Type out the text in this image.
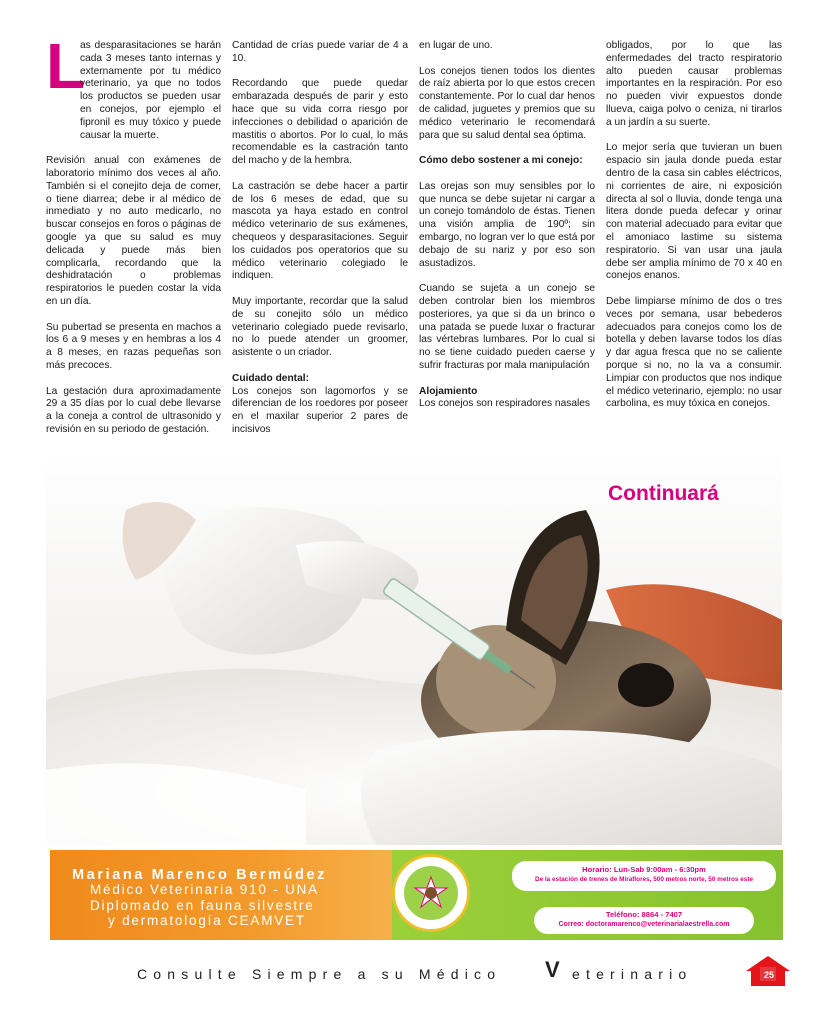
L

as desparasitaciones se harán cada 3 meses tanto internas y externamente por tu médico veterinario, ya que no todos los productos se pueden usar en conejos, por ejemplo el fipronil es muy tóxico y puede causar la muerte.

Revisión anual con exámenes de laboratorio mínimo dos veces al año. También si el conejito deja de comer, o tiene diarrea; debe ir al médico de inmediato y no auto medicarlo, no buscar consejos en foros o páginas de google ya que su salud es muy delicada y puede más bien complicarla, recordando que la deshidratación o problemas respiratorios le pueden costar la vida en un día.

Su pubertad se presenta en machos a los 6 a 9 meses y en hembras a los 4 a 8 meses, en razas pequeñas son más precoces.

La gestación dura aproximadamente 29 a 35 días por lo cual debe llevarse a la coneja a control de ultrasonido y revisión en su periodo de gestación.

Cantidad de crías puede variar de 4 a 10.

Recordando que puede quedar embarazada después de parir y esto hace que su vida corra riesgo por infecciones o debilidad o aparición de mastitis o abortos. Por lo cual, lo más recomendable es la castración tanto del macho y de la hembra.

La castración se debe hacer a partir de los 6 meses de edad, que su mascota ya haya estado en control médico veterinario de sus exámenes, chequeos y desparasitaciones. Seguir los cuidados pos operatorios que su médico veterinario colegiado le indiquen.

Muy importante, recordar que la salud de su conejito sólo un médico veterinario colegiado puede revisarlo, no lo puede atender un groomer, asistente o un criador.

Cuidado dental:

Los conejos son lagomorfos y se diferencian de los roedores por poseer en el maxilar superior 2 pares de incisivos

en lugar de uno.

Los conejos tienen todos los dientes de raíz abierta por lo que estos crecen constantemente. Por lo cual dar henos de calidad, juguetes y premios que su médico veterinario le recomendará para que su salud dental sea óptima.

Cómo debo sostener a mi conejo:

Las orejas son muy sensibles por lo que nunca se debe sujetar ni cargar a un conejo tomándolo de éstas. Tienen una visión amplia de 190º; sin embargo, no logran ver lo que está por debajo de su nariz y por eso son asustadizos.

Cuando se sujeta a un conejo se deben controlar bien los miembros posteriores, ya que si da un brinco o una patada se puede luxar o fracturar las vértebras lumbares. Por lo cual si no se tiene cuidado pueden caerse y sufrir fracturas por mala manipulación

Alojamiento

Los conejos son respiradores nasales

obligados, por lo que las enfermedades del tracto respiratorio alto pueden causar problemas importantes en la respiración. Por eso no pueden vivir expuestos donde llueva, caiga polvo o ceniza, ni tirarlos a un jardín a su suerte.

Lo mejor sería que tuvieran un buen espacio sin jaula donde pueda estar dentro de la casa sin cables eléctricos, ni corrientes de aire, ni exposición directa al sol o lluvia, donde tenga una litera donde pueda defecar y orinar con material adecuado para evitar que el amoniaco lastime su sistema respiratorio. Si van usar una jaula debe ser amplia mínimo de 70 x 40 en conejos enanos.

Debe limpiarse mínimo de dos o tres veces por semana, usar bebederos adecuados para conejos como los de botella y deben lavarse todos los días y dar agua fresca que no se caliente porque si no, no la va a consumir. Limpiar con productos que nos indique el médico veterinario, ejemplo: no usar carbolina, es muy tóxica en conejos.

Continuará
Mariana Marenco Bermúdez
Médico Veterinaria 910 - UNA
Diplomado en fauna silvestre
y dermatología CEAMVET
Horario: Lun-Sab 9:00am - 6:30pm
De la estación de trenes de Miraflores, 500 metros norte, 50 metros este
Teléfono: 8864 - 7407
Correo: doctoramarenco@veterinarialaestrella.com
Consulte Siempre a su Médico V eterinario	25
